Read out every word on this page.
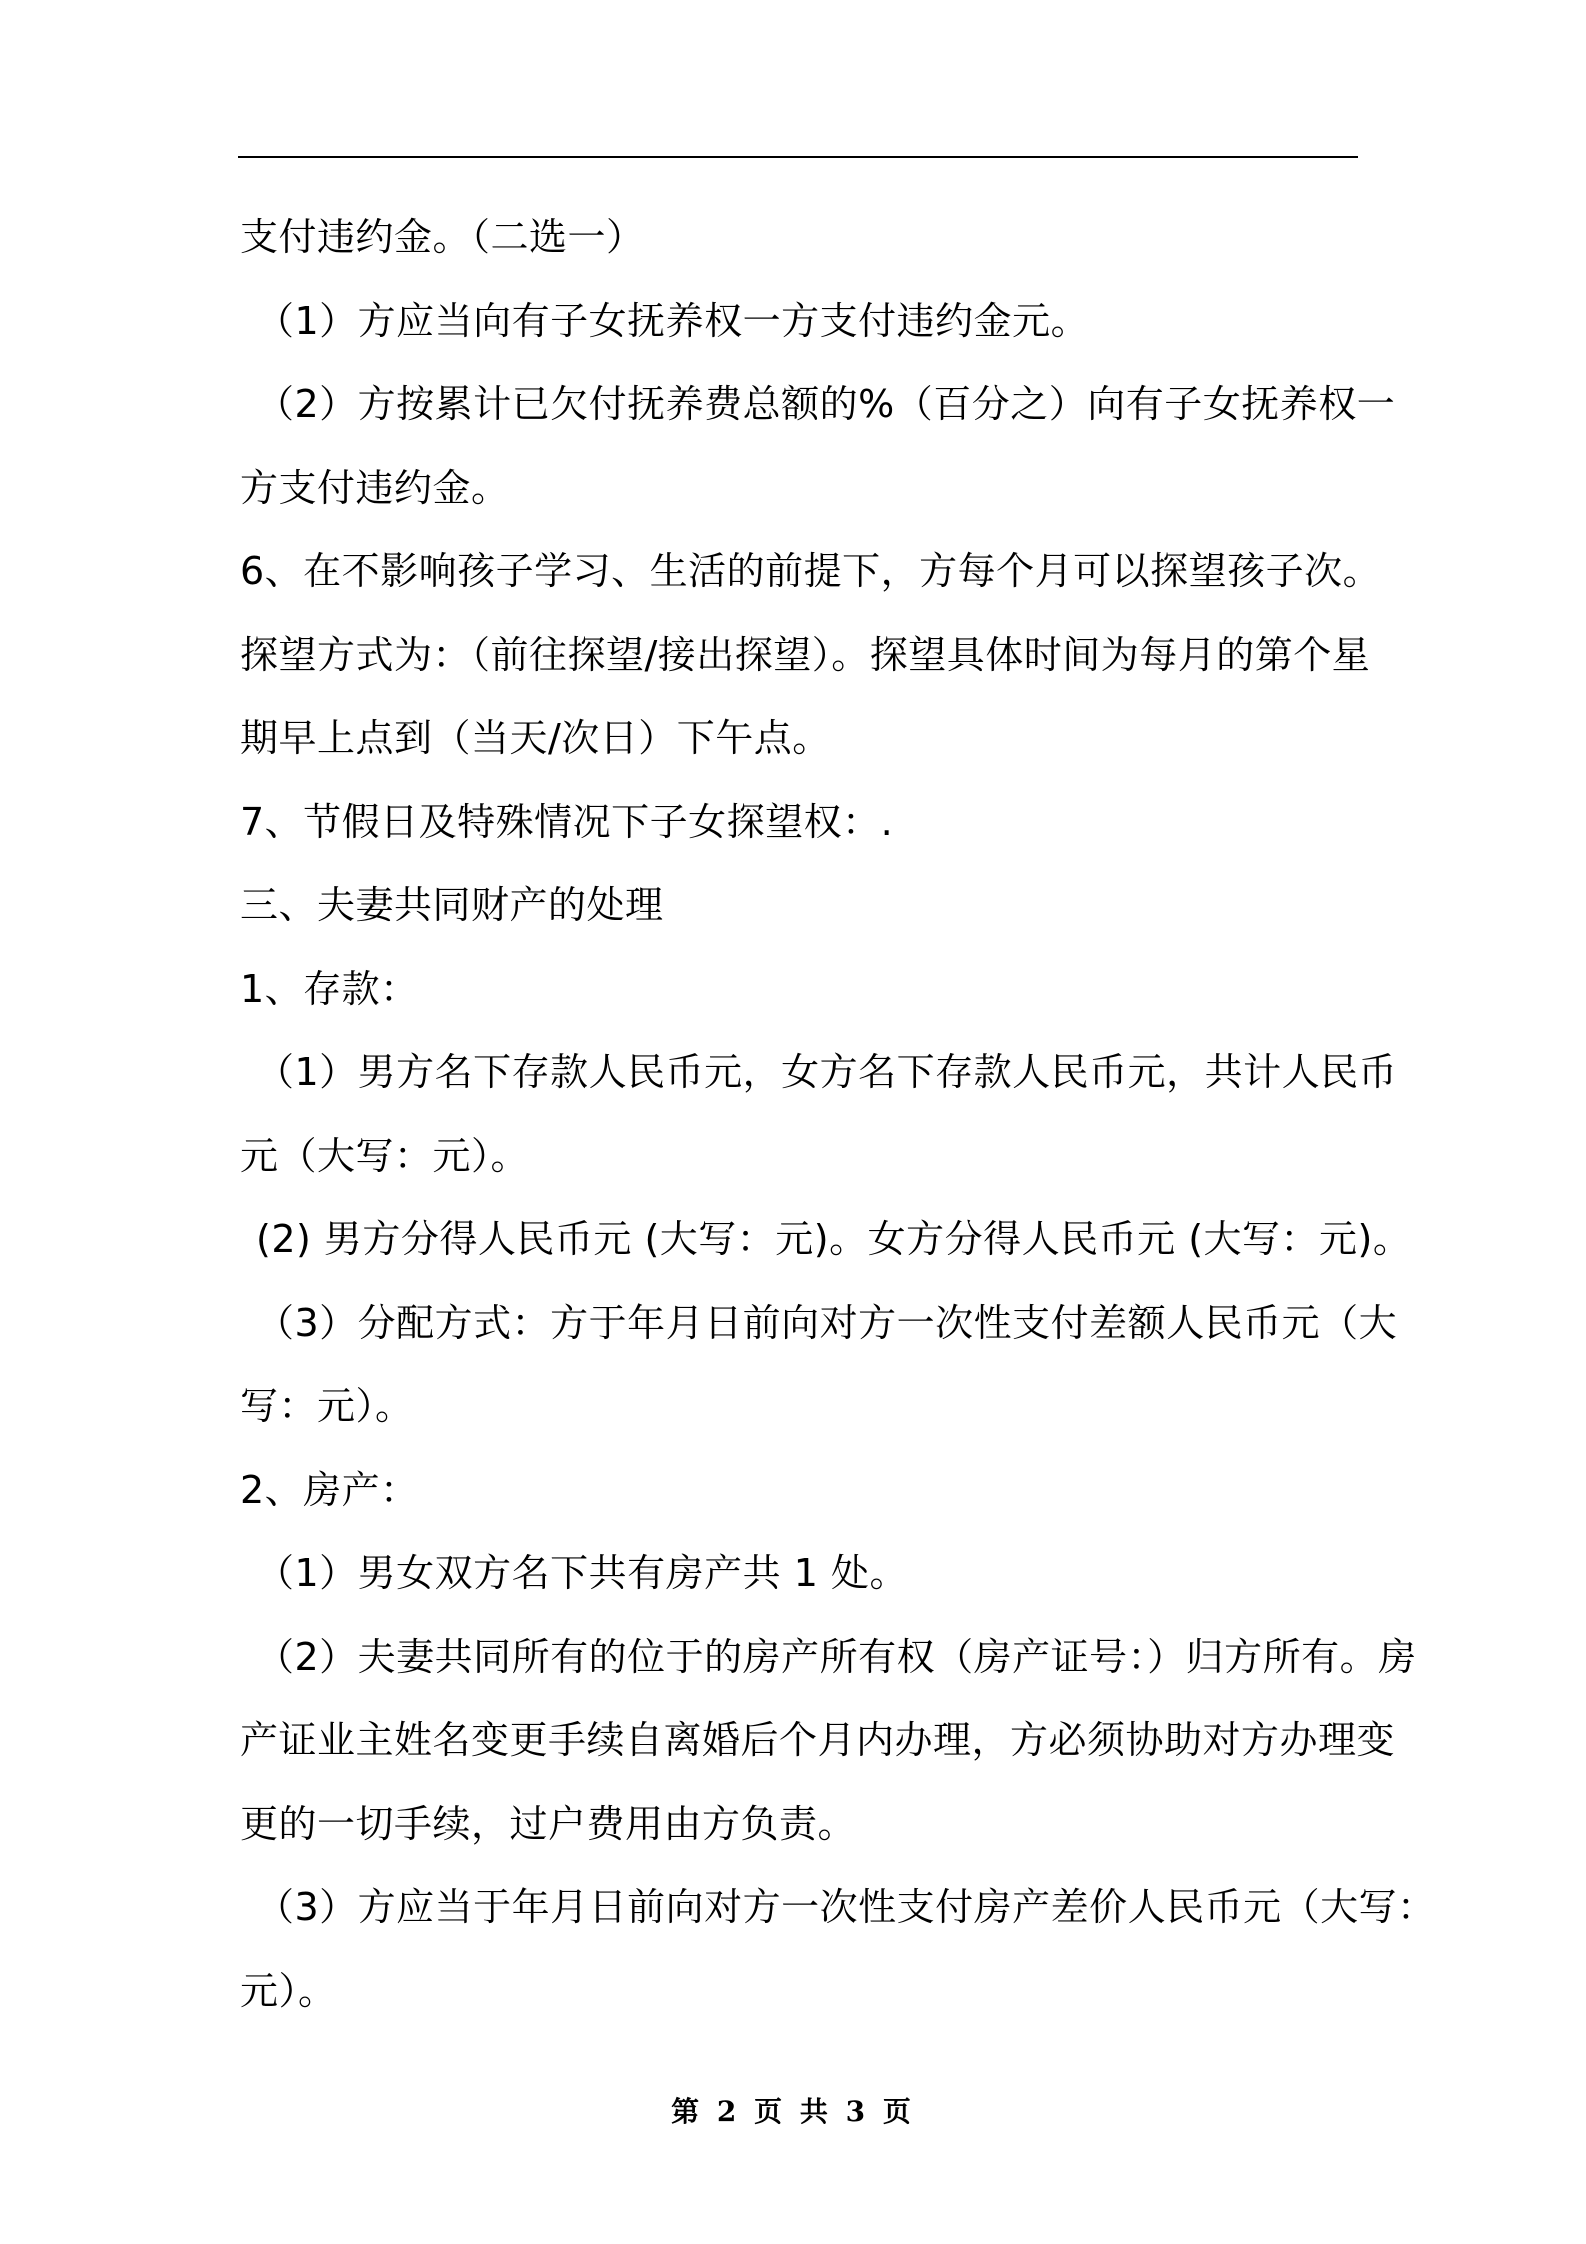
支付违约金。（二选一）
（1）方应当向有子女抚养权一方支付违约金元。
（2）方按累计已欠付抚养费总额的%（百分之）向有子女抚养权一
方支付违约金。
6、在不影响孩子学习、生活的前提下，方每个月可以探望孩子次。
探望方式为：（前往探望/接出探望）。探望具体时间为每月的第个星
期早上点到（当天/次日）下午点。
7、节假日及特殊情况下子女探望权：.
三、夫妻共同财产的处理
1、存款：
（1）男方名下存款人民币元，女方名下存款人民币元，共计人民币
元（大写：元）。
(2) 男方分得人民币元 (大写：元)。女方分得人民币元 (大写：元)。
（3）分配方式：方于年月日前向对方一次性支付差额人民币元（大
写：元）。
2、房产：
（1）男女双方名下共有房产共 1 处。
（2）夫妻共同所有的位于的房产所有权（房产证号：）归方所有。房
产证业主姓名变更手续自离婚后个月内办理，方必须协助对方办理变
更的一切手续，过户费用由方负责。
（3）方应当于年月日前向对方一次性支付房产差价人民币元（大写：
元）。
第 2 页 共 3 页
